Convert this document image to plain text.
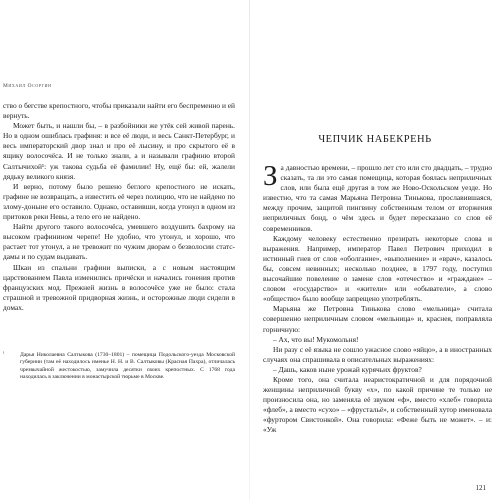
Михаил Осоргин

ство о бегстве крепостного, чтобы приказали найти его беспременно и ей вернуть.

Может быть, и нашли бы, – в разбойники же утёк сей живой парень. Но в одном ошиблась графиня: и все её люди, и весь Санкт-Петербург, и весь императорский двор знал и про её лысину, и про скрытого её в ящику волосочёса. И не только знали, а и называли графиню второй Салтычихой¹: уж такова судьба её фамилии! Ну, ещё бы: ей, жалели дядьку великого князя.

И верно, потому было решено беглого крепостного не искать, графине не возвращать, а известить её через полицию, что не найдено по злому-доныне его оставило. Однако, оставивши, когда утонул в одном из притоков реки Невы, а тело его не найдено.

Найти другого такого волосочёса, умевшего воздушить бахрому на высоком графинином черепе! Не удобно, что утонул, и хорошо, что растает тот утонул, а не тревожит по чужим дворам о безволосии статс-дамы и по судам выдавать.

Шкаи из спальни графини выписки, а с новым настоящим царствованием Павла изменились причёски и начались гонения против французских мод. Прежней жизнь в волосочёсе уже не было: стала страшной и тревожной придворная жизнь, и осторожные люди сидели в домах.

¹	Дарья Николаевна Салтыкова (1730–1801) – помещица Подольского-уезда Московской губернии (там её находилось именье Н. Н. и В. Салтыковы (Красная Пахра), отличалась чрезвычайной жестокостью, замучила десятки своих крепостных. С 1768 года находилась в заключении в монастырской тюрьме в Москве.
ЧЕПЧИК НАБЕКРЕНЬ

За давностью времени, – прошло лет сто или сто двадцать, – трудно сказать, та ли это самая помещица, которая боялась неприличных слов, или была ещё другая в том же Ново-Оскольском уезде. Но известно, что та самая Марьяна Петровна Тинькова, прославившаяся, между прочим, защитой пингвину собственным телом от вторжения неприличных бонд, о чём здесь и будет пересказано со слов её современников.

Каждому человеку естественно презирать некоторые слова и выражения. Например, император Павел Петрович приходил в истинный гнев от слов «оболгание», «выполнение» и «врач», казалось бы, совсем невинных; несколько позднее, в 1797 году, поступил высочайшие повеление о замене слов «отечество» и «граждане» – словом «государство» и «жители» или «обыватели», а слово «общество» было вообще запрещено употреблять.

Марьяна же Петровна Тинькова слово «мельница» считала совершенно неприличным словом «мельница» и, краснея, поправляла горничную:

– Ах, что вы! Мукомольня!

Ни разу с её языка не сошло ужасное слово «яйцо», а в иностранных случаях она спрашивала в описательных выражениях:

– Дашь, каков ныне урожай курячьих фруктов?

Кроме того, она считала неаристократичной и для порядочной женщины неприличной букву «х», по какой причине те только не произносила она, но заменяла её звуком «ф», вместо «хлеб» говорила «флеб», а вместо «сухо» – «фрустальё», и собственный хутор именовала «фуртором Свистонкой». Она говорила: «Феже быть не может». – и: «Уж

121
